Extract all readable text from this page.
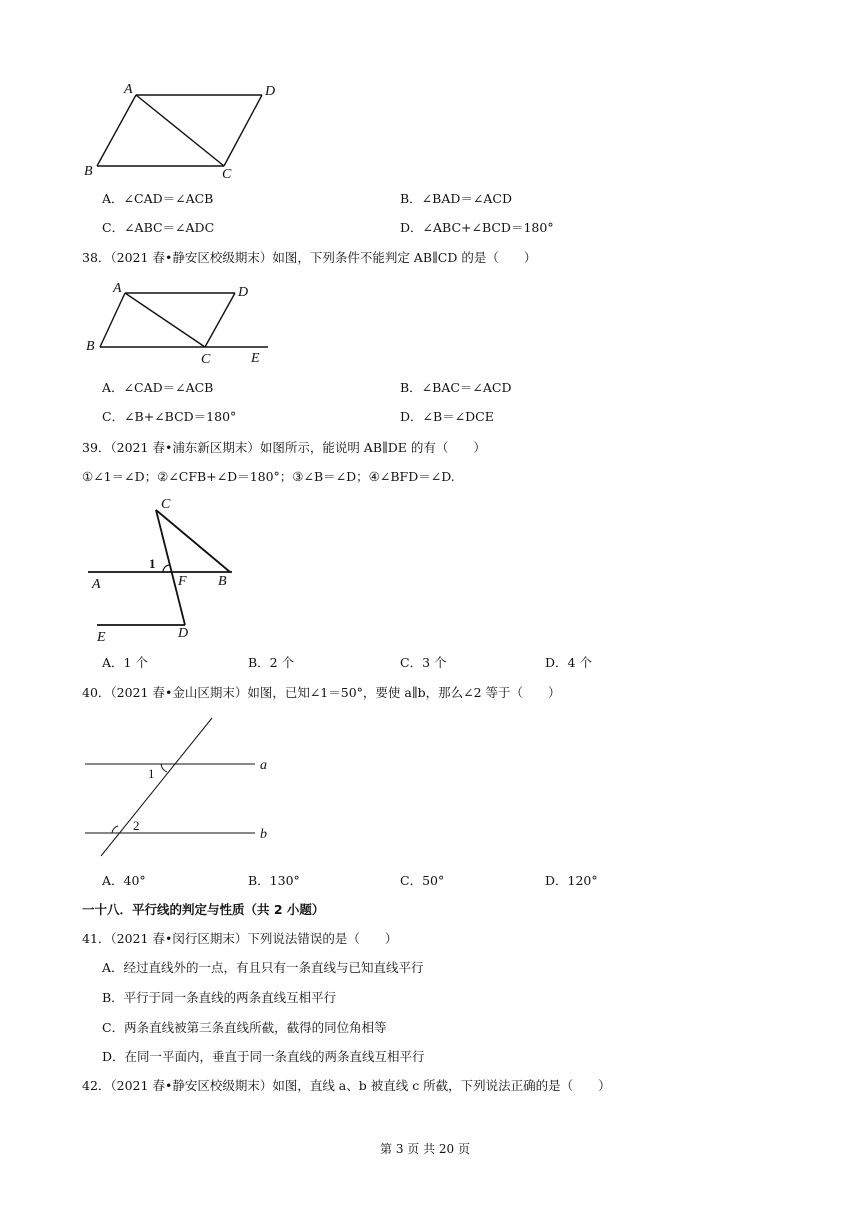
A	D
B	C
A	D
B
C	E
C
1
F
A	B
E	D
1
2
a
b
A．∠CAD＝∠ACB	B．∠BAD＝∠ACD
C．∠ABC＝∠ADC	D．∠ABC+∠BCD＝180°
38．（2021 春•静安区校级期末）如图，下列条件不能判定 AB∥CD 的是（　　）
A．∠CAD＝∠ACB	B．∠BAC＝∠ACD
C．∠B+∠BCD＝180°	D．∠B＝∠DCE
39．（2021 春•浦东新区期末）如图所示，能说明 AB∥DE 的有（　　）
①∠1＝∠D；②∠CFB+∠D＝180°；③∠B＝∠D；④∠BFD＝∠D.
A．1 个	B．2 个	C．3 个	D．4 个
40．（2021 春•金山区期末）如图，已知∠1＝50°，要使 a∥b，那么∠2 等于（　　）
A．40°	B．130°	C．50°	D．120°
一十八．平行线的判定与性质（共 2 小题）
41．（2021 春•闵行区期末）下列说法错误的是（　　）
A．经过直线外的一点，有且只有一条直线与已知直线平行
B．平行于同一条直线的两条直线互相平行
C．两条直线被第三条直线所截，截得的同位角相等
D．在同一平面内，垂直于同一条直线的两条直线互相平行
42．（2021 春•静安区校级期末）如图，直线 a、b 被直线 c 所截，下列说法正确的是（　　）
第 3 页 共 20 页
